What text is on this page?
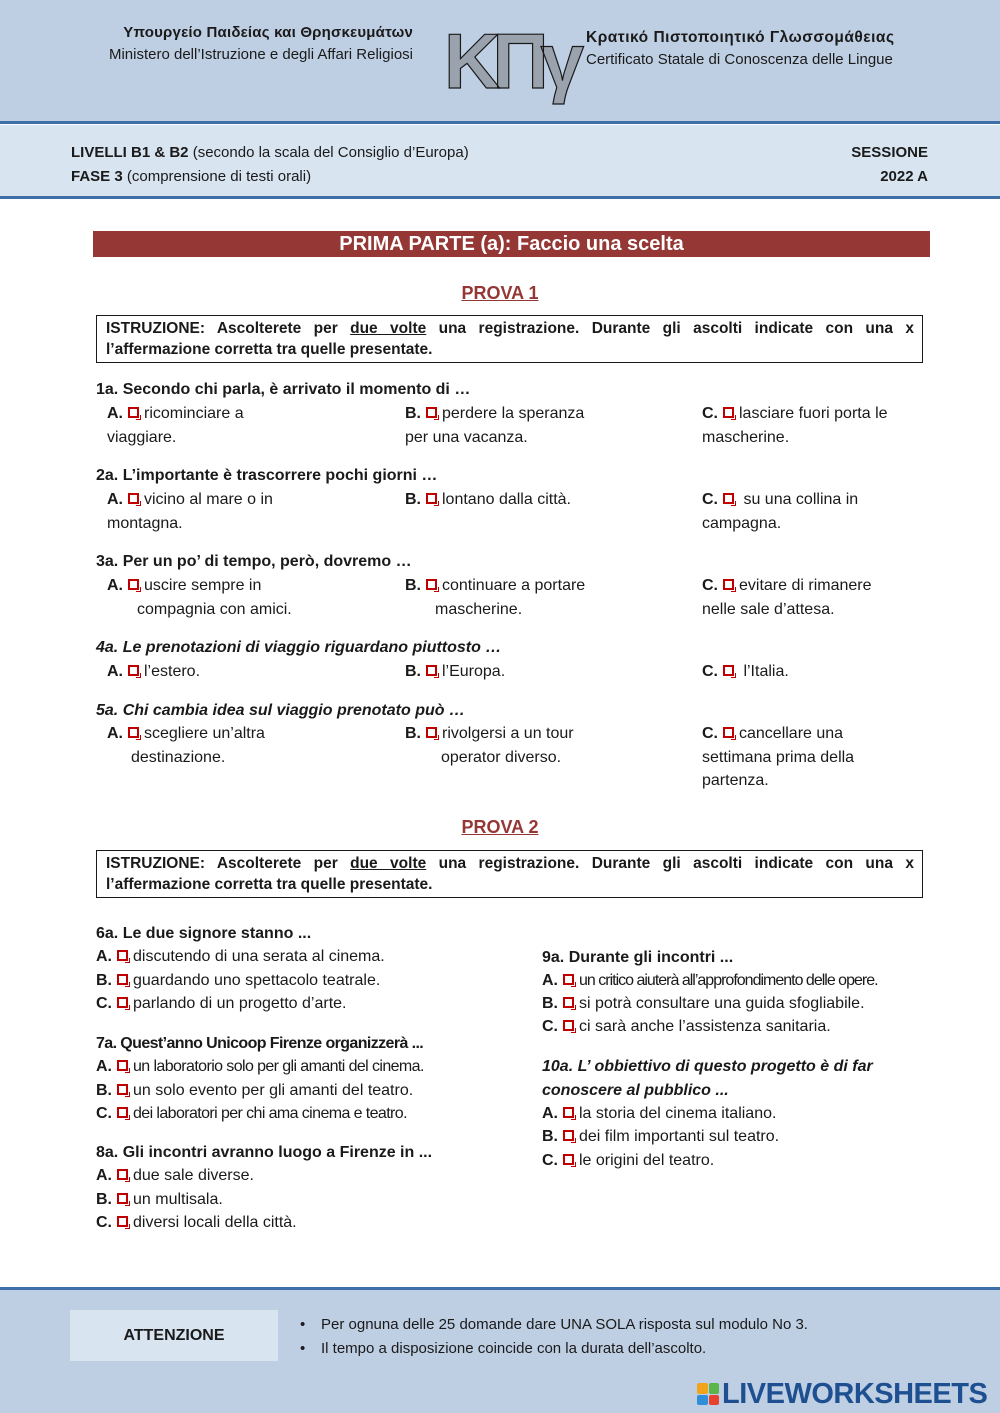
Υπουργείο Παιδείας και Θρησκευμάτων
Ministero dell’Istruzione e degli Affari Religiosi ΚΠγ Κρατικό Πιστοποιητικό Γλωσσομάθειας
Certificato Statale di Conoscenza delle Lingue
LIVELLI B1 & B2 (secondo la scala del Consiglio d’Europa)
FASE 3 (comprensione di testi orali)
SESSIONE
2022 A
PRIMA PARTE (a): Faccio una scelta
PROVA 1
ISTRUZIONE: Ascolterete per due volte una registrazione. Durante gli ascolti indicate con una x l’affermazione corretta tra quelle presentate.
1a. Secondo chi parla, è arrivato il momento di …
A. ricominciare a
viaggiare.
B. perdere la speranza
per una vacanza.
C. lasciare fuori porta le
mascherine.
2a. L’importante è trascorrere pochi giorni …
A. vicino al mare o in
montagna.
B. lontano dalla città.	C. su una collina in
campagna.
3a. Per un po’ di tempo, però, dovremo …
A. uscire sempre in
compagnia con amici.
B. continuare a portare
mascherine.
C. evitare di rimanere
nelle sale d’attesa.
4a. Le prenotazioni di viaggio riguardano piuttosto …
A. l’estero.	B. l’Europa.	C. l’Italia.
5a. Chi cambia idea sul viaggio prenotato può …
A. scegliere un’altra
destinazione.
B. rivolgersi a un tour
operator diverso.
C. cancellare una
settimana prima della
partenza.
PROVA 2
ISTRUZIONE: Ascolterete per due volte una registrazione. Durante gli ascolti indicate con una x l’affermazione corretta tra quelle presentate.
6a. Le due signore stanno ...
A. discutendo di una serata al cinema.
B. guardando uno spettacolo teatrale.
C. parlando di un progetto d’arte.
7a. Quest’anno Unicoop Firenze organizzerà ...
A. un laboratorio solo per gli amanti del cinema.
B. un solo evento per gli amanti del teatro.
C. dei laboratori per chi ama cinema e teatro.
8a. Gli incontri avranno luogo a Firenze in ...
A. due sale diverse.
B. un multisala.
C. diversi locali della città.
9a. Durante gli incontri ...
A. un critico aiuterà all’approfondimento delle opere.
B. si potrà consultare una guida sfogliabile.
C. ci sarà anche l’assistenza sanitaria.
10a. L’ obbiettivo di questo progetto è di far
conoscere al pubblico ...
A. la storia del cinema italiano.
B. dei film importanti sul teatro.
C. le origini del teatro.
ATTENZIONE
• Per ognuna delle 25 domande dare UNA SOLA risposta sul modulo No 3.
• Il tempo a disposizione coincide con la durata dell’ascolto.
LIVEWORKSHEETS
